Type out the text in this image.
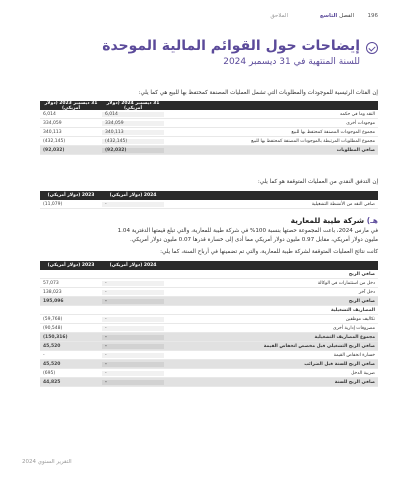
196
الفصل التاسع
الملاحق
إيضاحات حول القوائم المالية الموحدة
للسنة المنتهية في 31 ديسمبر 2024
إن الفئات الرئيسية للموجودات والمطلوبات التي تشمل العمليات المصنفة كمحتفظ بها للبيع هي كما يلي:
31 ديسمبر 2024 (دولار أمريكي)
31 ديسمبر 2023 (دولار أمريكي)
النقد وما في حكمه
6,014
6,014
موجودات أخرى
334,059
334,059
مجموع الموجودات المصنفة كمحتفظ بها للبيع
340,113
340,113
مجموع المطلوبات المرتبطة بالموجودات المصنفة كمحتفظ بها للبيع
(432,145)
(432,145)
صافي المطلوبات
(92,032)
(92,032)
إن التدفق النقدي من العمليات المتوقفة هو كما يلي:
2024 (دولار أمريكي)
2023 (دولار أمريكي)
صافي النقد من الأنشطة التشغيلية
-
(11,079)
هـ) شركة طيبة للمعارية
في مارس 2024، باعت المجموعة حصتها بنسبة 100% في شركة طيبة للمعارية، والتي تبلغ قيمتها الدفترية 1.04
مليون دولار أمريكي، مقابل 0.97 مليون دولار أمريكي مما أدى إلى خسارة قدرها 0.07 مليون دولار أمريكي.
كانت نتائج العمليات المتوقفة لشركة طيبة للمعارية، والتي تم تضمينها في أرباح السنة، كما يلي:
2024 (دولار أمريكي)
2023 (دولار أمريكي)
صافي الربح
دخل من استثمارات في الوكالة
-
57,073
دخل آخر
-
138,023
صافي الربح
-
195,096
المصاريف التشغيلية
تكاليف موظفين
-
(59,768)
مصروفات إدارية أخرى
-
(90,548)
مجموع المصاريف التشغيلية
-
(150,316)
صافي الربح التشغيلي قبل مخصص انخفاض القيمة
-
45,520
خسارة انخفاض القيمة
-
-
صافي الربح للسنة قبل الضرائب
-
45,520
ضريبة الدخل
-
(695)
صافي الربح للسنة
-
44,825
التقرير السنوي 2024
